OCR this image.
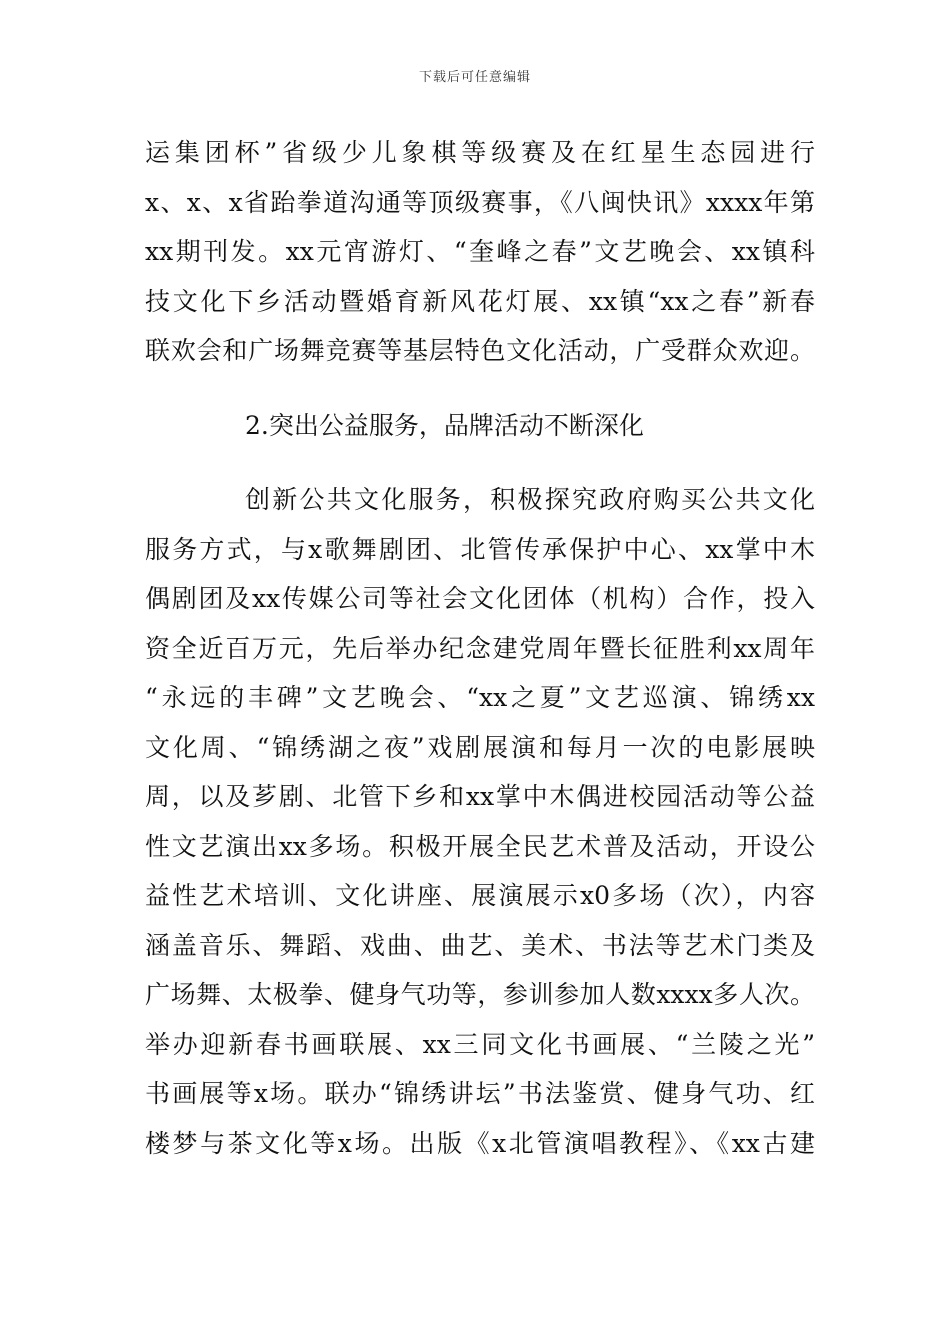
下载后可任意编辑
运集团杯”省级少儿象棋等级赛及在红星生态园进行
x、x、x省跆拳道沟通等顶级赛事，《八闽快讯》xxxx年第
xx期刊发。xx元宵游灯、“奎峰之春”文艺晚会、xx镇科
技文化下乡活动暨婚育新风花灯展、xx镇“xx之春”新春
联欢会和广场舞竞赛等基层特色文化活动，广受群众欢迎。
2.突出公益服务，品牌活动不断深化
创新公共文化服务，积极探究政府购买公共文化
服务方式，与x歌舞剧团、北管传承保护中心、xx掌中木
偶剧团及xx传媒公司等社会文化团体（机构）合作，投入
资全近百万元，先后举办纪念建党周年暨长征胜利xx周年
“永远的丰碑”文艺晚会、“xx之夏”文艺巡演、锦绣xx
文化周、“锦绣湖之夜”戏剧展演和每月一次的电影展映
周，以及芗剧、北管下乡和xx掌中木偶进校园活动等公益
性文艺演出xx多场。积极开展全民艺术普及活动，开设公
益性艺术培训、文化讲座、展演展示x0多场（次），内容
涵盖音乐、舞蹈、戏曲、曲艺、美术、书法等艺术门类及
广场舞、太极拳、健身气功等，参训参加人数xxxx多人次。
举办迎新春书画联展、xx三同文化书画展、“兰陵之光”
书画展等x场。联办“锦绣讲坛”书法鉴赏、健身气功、红
楼梦与茶文化等x场。出版《x北管演唱教程》、《xx古建
